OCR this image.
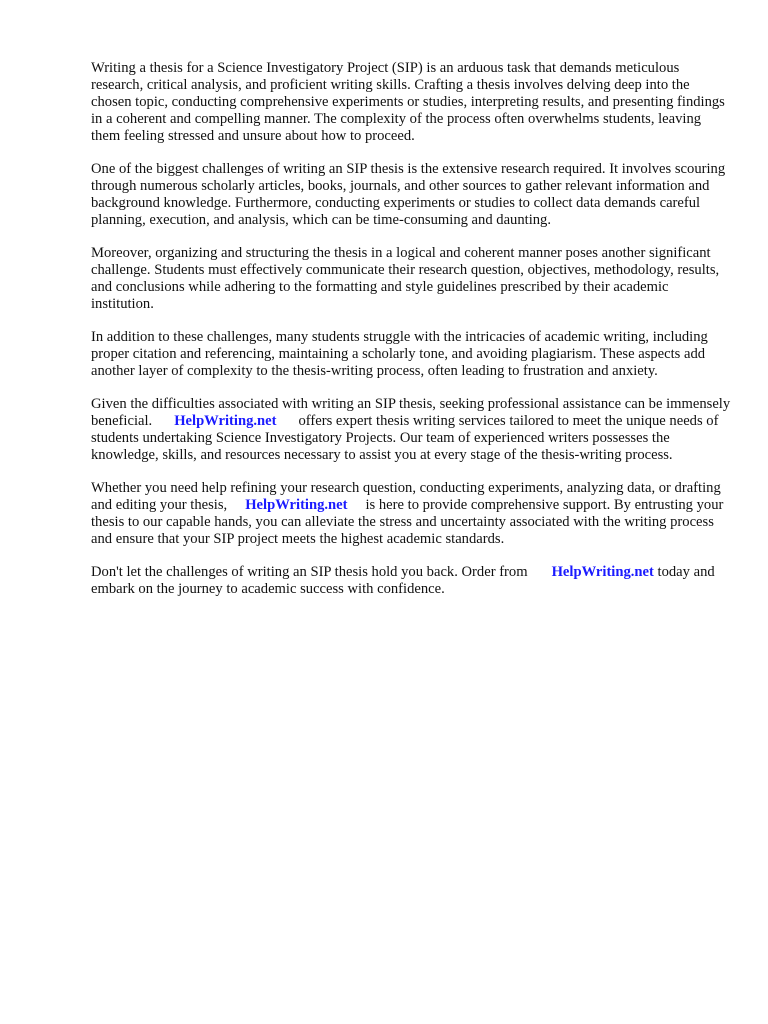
Writing a thesis for a Science Investigatory Project (SIP) is an arduous task that demands meticulous research, critical analysis, and proficient writing skills. Crafting a thesis involves delving deep into the chosen topic, conducting comprehensive experiments or studies, interpreting results, and presenting findings in a coherent and compelling manner. The complexity of the process often overwhelms students, leaving them feeling stressed and unsure about how to proceed.

One of the biggest challenges of writing an SIP thesis is the extensive research required. It involves scouring through numerous scholarly articles, books, journals, and other sources to gather relevant information and background knowledge. Furthermore, conducting experiments or studies to collect data demands careful planning, execution, and analysis, which can be time-consuming and daunting.

Moreover, organizing and structuring the thesis in a logical and coherent manner poses another significant challenge. Students must effectively communicate their research question, objectives, methodology, results, and conclusions while adhering to the formatting and style guidelines prescribed by their academic institution.

In addition to these challenges, many students struggle with the intricacies of academic writing, including proper citation and referencing, maintaining a scholarly tone, and avoiding plagiarism. These aspects add another layer of complexity to the thesis-writing process, often leading to frustration and anxiety.

Given the difficulties associated with writing an SIP thesis, seeking professional assistance can be immensely beneficial. HelpWriting.net offers expert thesis writing services tailored to meet the unique needs of students undertaking Science Investigatory Projects. Our team of experienced writers possesses the knowledge, skills, and resources necessary to assist you at every stage of the thesis-writing process.

Whether you need help refining your research question, conducting experiments, analyzing data, or drafting and editing your thesis, HelpWriting.net is here to provide comprehensive support. By entrusting your thesis to our capable hands, you can alleviate the stress and uncertainty associated with the writing process and ensure that your SIP project meets the highest academic standards.

Don't let the challenges of writing an SIP thesis hold you back. Order from HelpWriting.net today and embark on the journey to academic success with confidence.
